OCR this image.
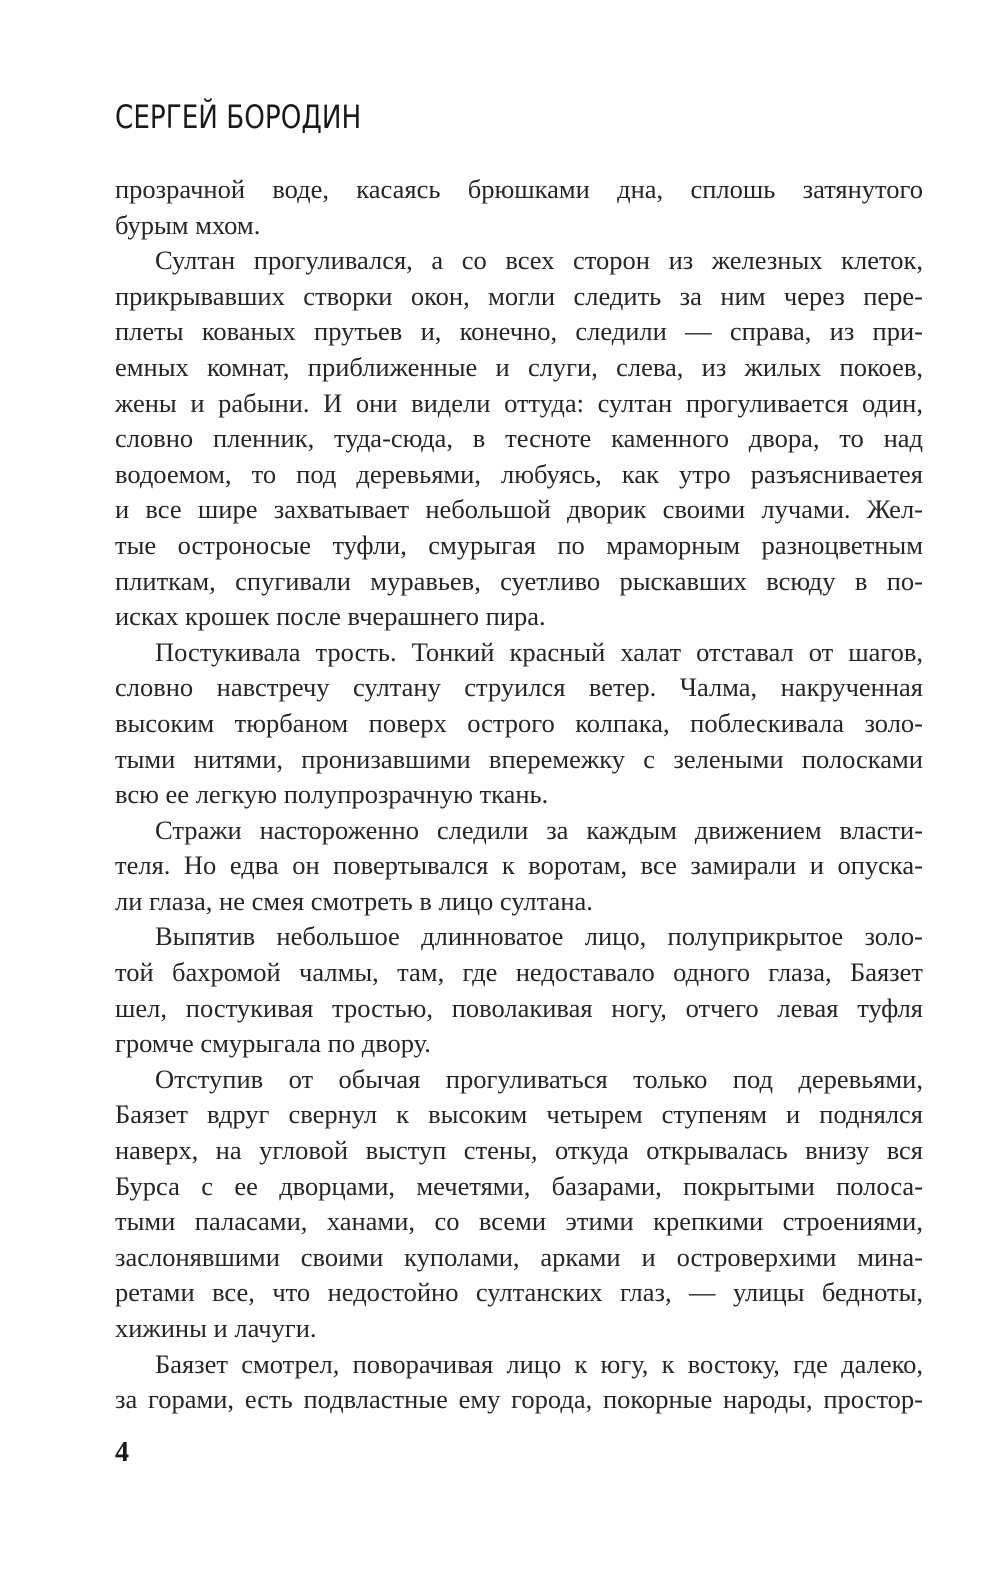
СЕРГЕЙ БОРОДИН
прозрачной воде, касаясь брюшками дна, сплошь затянутого
бурым мхом.
Султан прогуливался, а со всех сторон из железных клеток,
прикрывавших створки окон, могли следить за ним через пере-
плеты кованых прутьев и, конечно, следили — справа, из при-
емных комнат, приближенные и слуги, слева, из жилых покоев,
жены и рабыни. И они видели оттуда: султан прогуливается один,
словно пленник, туда-сюда, в тесноте каменного двора, то над
водоемом, то под деревьями, любуясь, как утро разъясниваетея
и все шире захватывает небольшой дворик своими лучами. Жел-
тые остроносые туфли, смурыгая по мраморным разноцветным
плиткам, спугивали муравьев, суетливо рыскавших всюду в по-
исках крошек после вчерашнего пира.
Постукивала трость. Тонкий красный халат отставал от шагов,
словно навстречу султану струился ветер. Чалма, накрученная
высоким тюрбаном поверх острого колпака, поблескивала золо-
тыми нитями, пронизавшими вперемежку с зелеными полосками
всю ее легкую полупрозрачную ткань.
Стражи настороженно следили за каждым движением власти-
теля. Но едва он повертывался к воротам, все замирали и опуска-
ли глаза, не смея смотреть в лицо султана.
Выпятив небольшое длинноватое лицо, полуприкрытое золо-
той бахромой чалмы, там, где недоставало одного глаза, Баязет
шел, постукивая тростью, поволакивая ногу, отчего левая туфля
громче смурыгала по двору.
Отступив от обычая прогуливаться только под деревьями,
Баязет вдруг свернул к высоким четырем ступеням и поднялся
наверх, на угловой выступ стены, откуда открывалась внизу вся
Бурса с ее дворцами, мечетями, базарами, покрытыми полоса-
тыми паласами, ханами, со всеми этими крепкими строениями,
заслонявшими своими куполами, арками и островерхими мина-
ретами все, что недостойно султанских глаз, — улицы бедноты,
хижины и лачуги.
Баязет смотрел, поворачивая лицо к югу, к востоку, где далеко,
за горами, есть подвластные ему города, покорные народы, простор-
4
